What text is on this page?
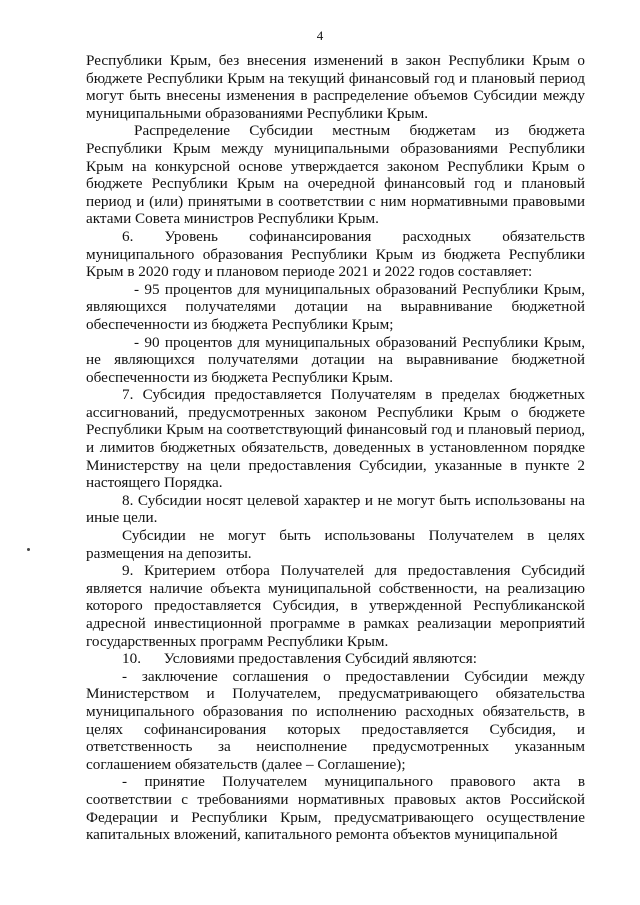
4

Республики Крым, без внесения изменений в закон Республики Крым о бюджете Республики Крым на текущий финансовый год и плановый период могут быть внесены изменения в распределение объемов Субсидии между муниципальными образованиями Республики Крым.

Распределение Субсидии местным бюджетам из бюджета Республики Крым между муниципальными образованиями Республики Крым на конкурсной основе утверждается законом Республики Крым о бюджете Республики Крым на очередной финансовый год и плановый период и (или) принятыми в соответствии с ним нормативными правовыми актами Совета министров Республики Крым.

6. Уровень софинансирования расходных обязательств муниципального образования Республики Крым из бюджета Республики Крым в 2020 году и плановом периоде 2021 и 2022 годов составляет:

- 95 процентов для муниципальных образований Республики Крым, являющихся получателями дотации на выравнивание бюджетной обеспеченности из бюджета Республики Крым;

- 90 процентов для муниципальных образований Республики Крым, не являющихся получателями дотации на выравнивание бюджетной обеспеченности из бюджета Республики Крым.

7. Субсидия предоставляется Получателям в пределах бюджетных ассигнований, предусмотренных законом Республики Крым о бюджете Республики Крым на соответствующий финансовый год и плановый период, и лимитов бюджетных обязательств, доведенных в установленном порядке Министерству на цели предоставления Субсидии, указанные в пункте 2 настоящего Порядка.

8. Субсидии носят целевой характер и не могут быть использованы на иные цели.

Субсидии не могут быть использованы Получателем в целях размещения на депозиты.

9. Критерием отбора Получателей для предоставления Субсидий является наличие объекта муниципальной собственности, на реализацию которого предоставляется Субсидия, в утвержденной Республиканской адресной инвестиционной программе в рамках реализации мероприятий государственных программ Республики Крым.

10.      Условиями предоставления Субсидий являются:

- заключение соглашения о предоставлении Субсидии между Министерством и Получателем, предусматривающего обязательства муниципального образования по исполнению расходных обязательств, в целях софинансирования которых предоставляется Субсидия, и ответственность за неисполнение предусмотренных указанным соглашением обязательств (далее – Соглашение);

- принятие Получателем муниципального правового акта в соответствии с требованиями нормативных правовых актов Российской Федерации и Республики Крым, предусматривающего осуществление капитальных вложений, капитального ремонта объектов муниципальной
